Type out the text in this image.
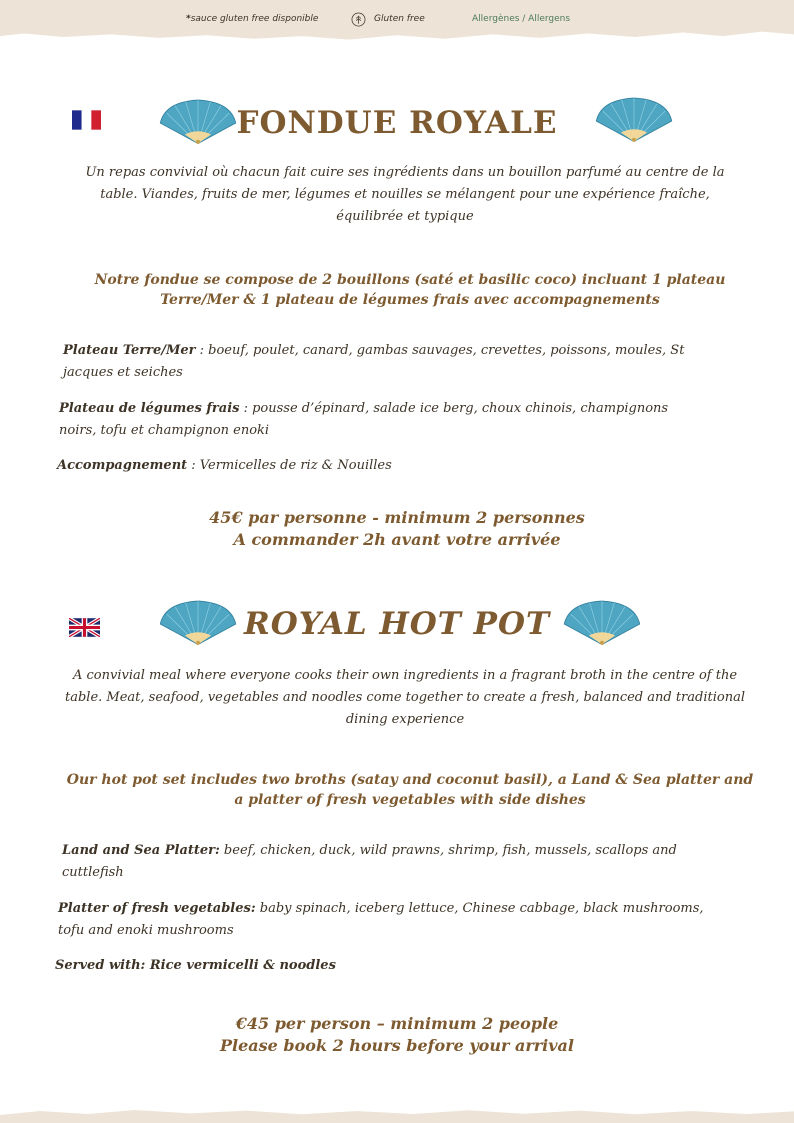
*sauce gluten free disponible	Gluten free	Allergènes / Allergens
FONDUE ROYALE
Un repas convivial où chacun fait cuire ses ingrédients dans un bouillon parfumé au centre de la table. Viandes, fruits de mer, légumes et nouilles se mélangent pour une expérience fraîche, équilibrée et typique
Notre fondue se compose de 2 bouillons (saté et basilic coco) incluant 1 plateau Terre/Mer & 1 plateau de légumes frais avec accompagnements
Plateau Terre/Mer : boeuf, poulet, canard, gambas sauvages, crevettes, poissons, moules, St jacques et seiches
Plateau de légumes frais : pousse d’épinard, salade ice berg, choux chinois, champignons noirs, tofu et champignon enoki
Accompagnement : Vermicelles de riz & Nouilles
45€ par personne - minimum 2 personnes
A commander 2h avant votre arrivée
ROYAL HOT POT
A convivial meal where everyone cooks their own ingredients in a fragrant broth in the centre of the table. Meat, seafood, vegetables and noodles come together to create a fresh, balanced and traditional dining experience
Our hot pot set includes two broths (satay and coconut basil), a Land & Sea platter and a platter of fresh vegetables with side dishes
Land and Sea Platter: beef, chicken, duck, wild prawns, shrimp, fish, mussels, scallops and cuttlefish
Platter of fresh vegetables: baby spinach, iceberg lettuce, Chinese cabbage, black mushrooms, tofu and enoki mushrooms
Served with: Rice vermicelli & noodles
€45 per person – minimum 2 people
Please book 2 hours before your arrival
